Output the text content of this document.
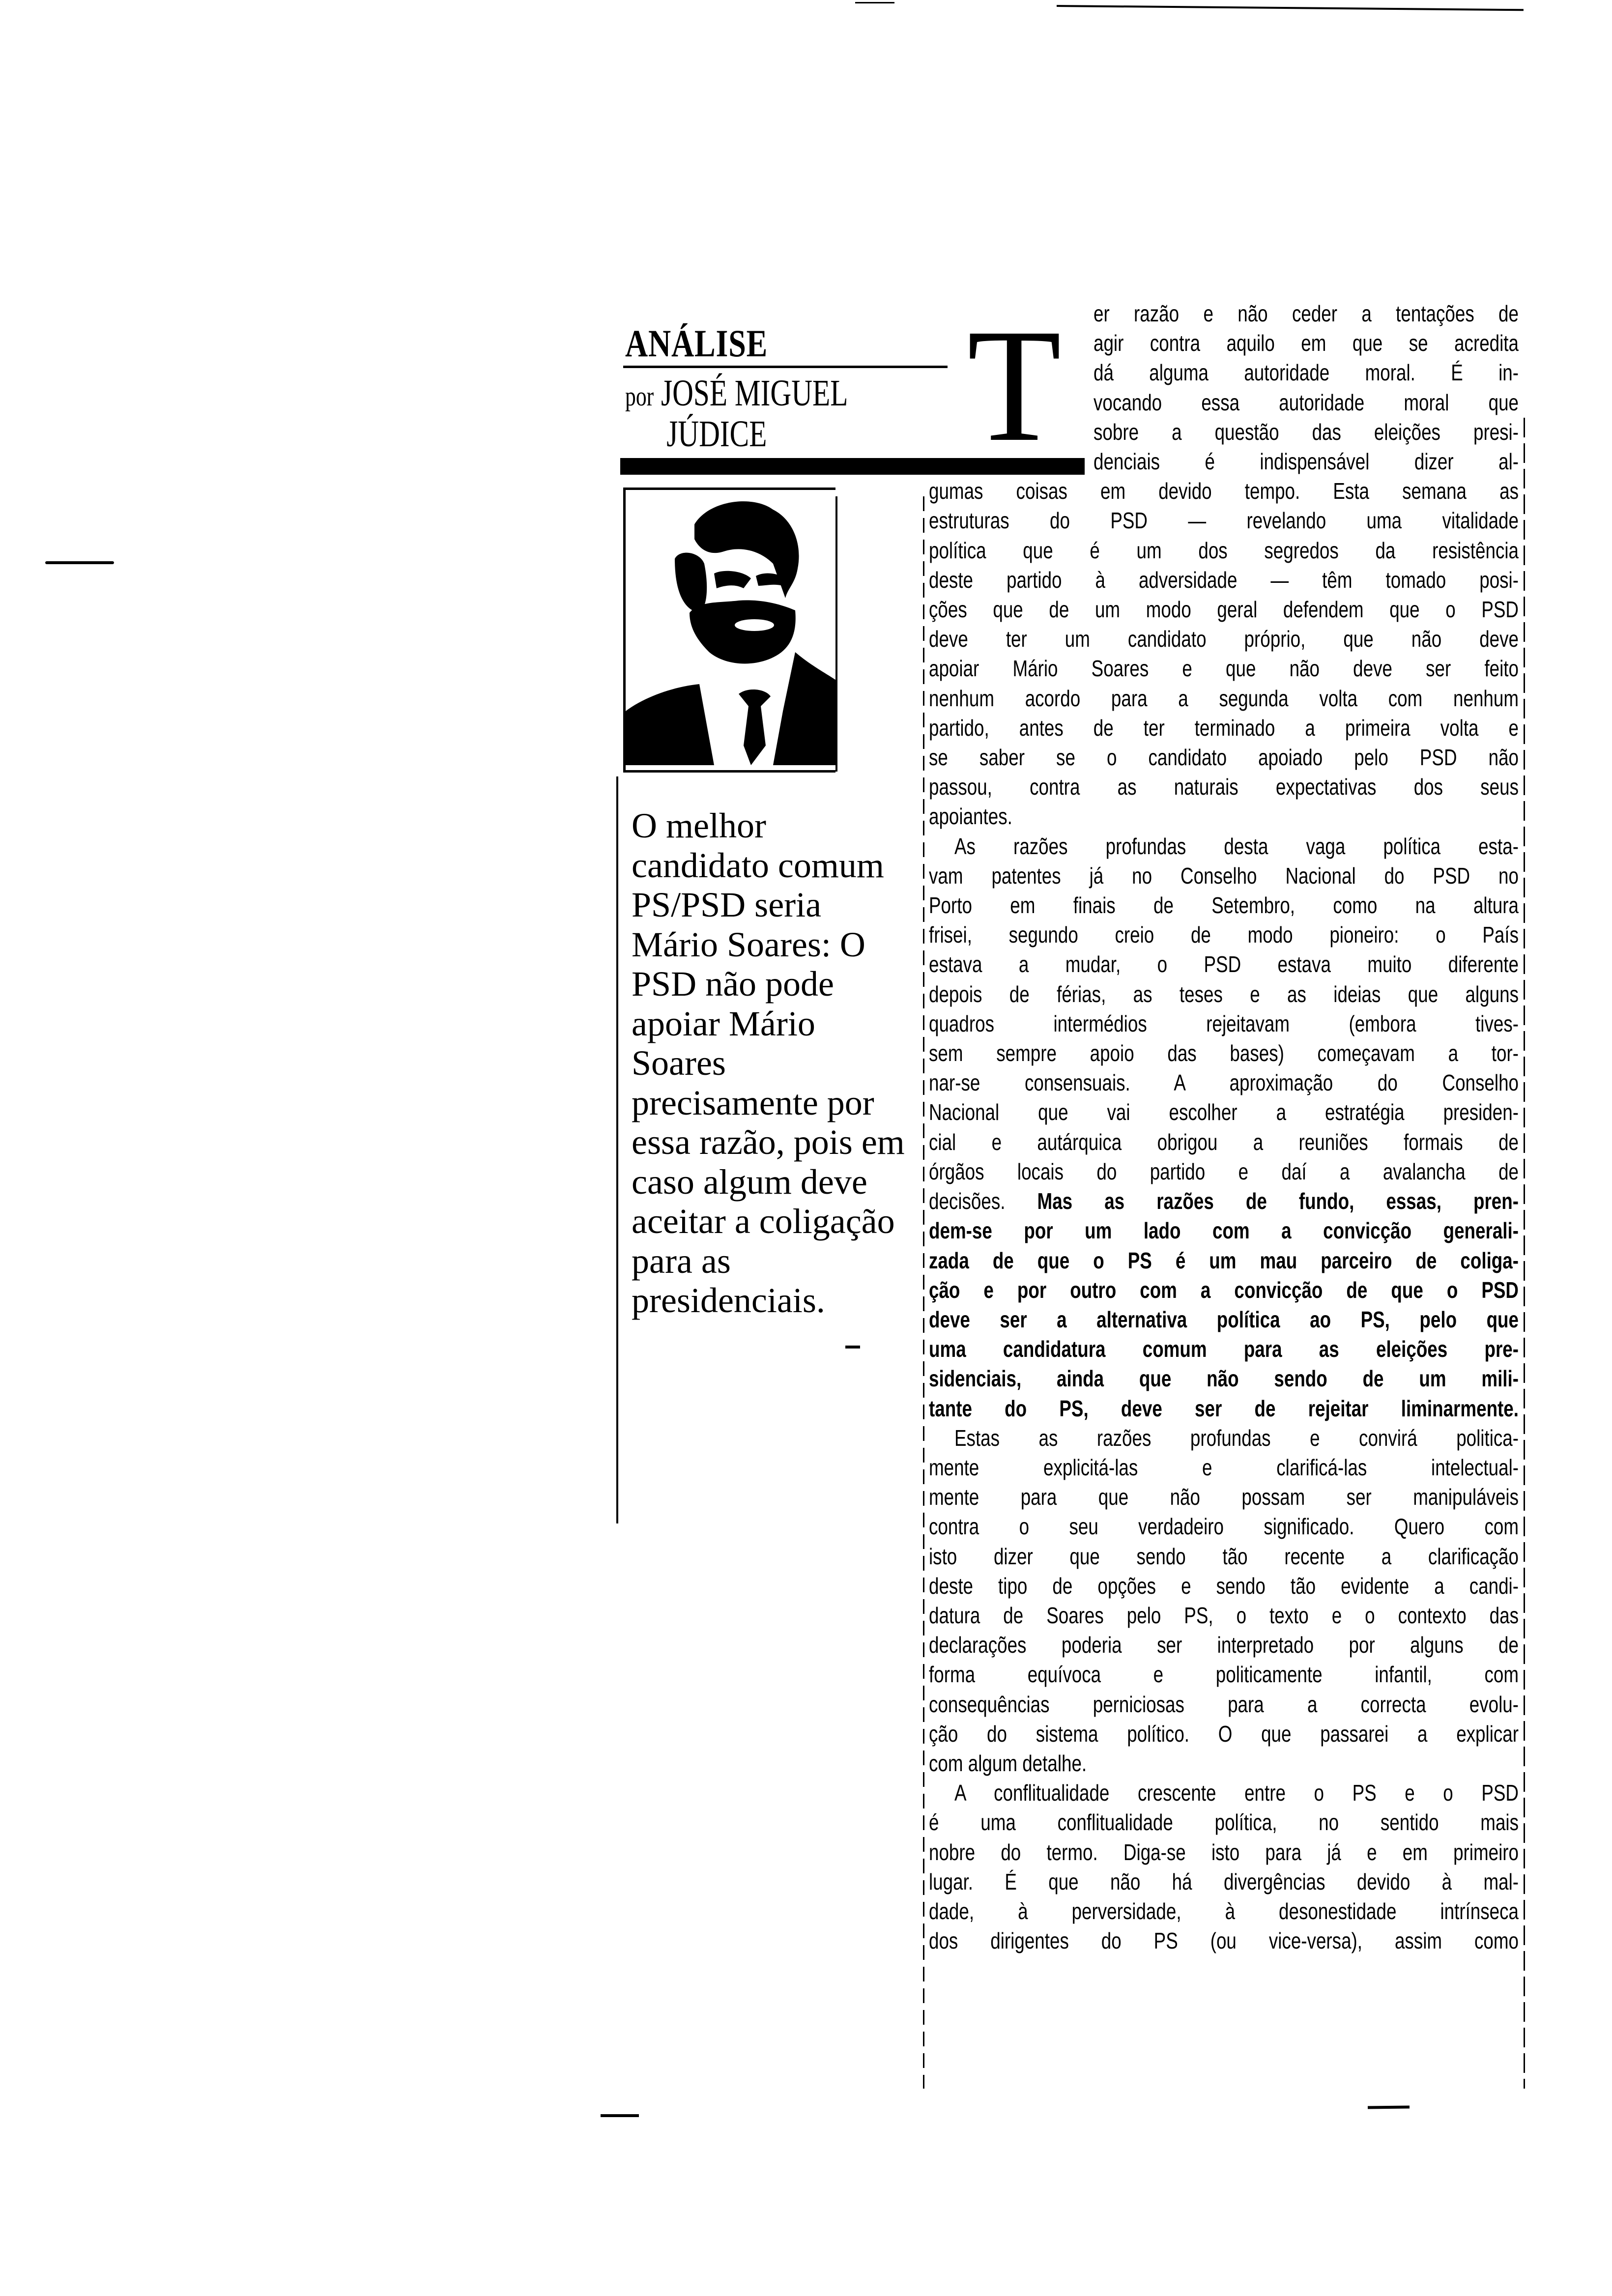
ANÁLISE
por JOSÉ MIGUEL
JÚDICE
O melhor
candidato comum
PS/PSD seria
Mário Soares: O
PSD não pode
apoiar Mário
Soares
precisamente por
essa razão, pois em
caso algum deve
aceitar a coligação
para as
presidenciais.
T er razão e não ceder a tentações de
agir contra aquilo em que se acredita
dá alguma autoridade moral. É in-
vocando essa autoridade moral que
sobre a questão das eleições presi-
denciais é indispensável dizer al-
gumas coisas em devido tempo. Esta semana as
estruturas do PSD — revelando uma vitalidade
política que é um dos segredos da resistência
deste partido à adversidade — têm tomado posi-
ções que de um modo geral defendem que o PSD
deve ter um candidato próprio, que não deve
apoiar Mário Soares e que não deve ser feito
nenhum acordo para a segunda volta com nenhum
partido, antes de ter terminado a primeira volta e
se saber se o candidato apoiado pelo PSD não
passou, contra as naturais expectativas dos seus
apoiantes.
As razões profundas desta vaga política esta-
vam patentes já no Conselho Nacional do PSD no
Porto em finais de Setembro, como na altura
frisei, segundo creio de modo pioneiro: o País
estava a mudar, o PSD estava muito diferente
depois de férias, as teses e as ideias que alguns
quadros intermédios rejeitavam (embora tives-
sem sempre apoio das bases) começavam a tor-
nar-se consensuais. A aproximação do Conselho
Nacional que vai escolher a estratégia presiden-
cial e autárquica obrigou a reuniões formais de
órgãos locais do partido e daí a avalancha de
decisões. Mas as razões de fundo, essas, pren-
dem-se por um lado com a convicção generali-
zada de que o PS é um mau parceiro de coliga-
ção e por outro com a convicção de que o PSD
deve ser a alternativa política ao PS, pelo que
uma candidatura comum para as eleições pre-
sidenciais, ainda que não sendo de um mili-
tante do PS, deve ser de rejeitar liminarmente.
Estas as razões profundas e convirá politica-
mente explicitá-las e clarificá-las intelectual-
mente para que não possam ser manipuláveis
contra o seu verdadeiro significado. Quero com
isto dizer que sendo tão recente a clarificação
deste tipo de opções e sendo tão evidente a candi-
datura de Soares pelo PS, o texto e o contexto das
declarações poderia ser interpretado por alguns de
forma equívoca e politicamente infantil, com
consequências perniciosas para a correcta evolu-
ção do sistema político. O que passarei a explicar
com algum detalhe.
A conflitualidade crescente entre o PS e o PSD
é uma conflitualidade política, no sentido mais
nobre do termo. Diga-se isto para já e em primeiro
lugar. É que não há divergências devido à mal-
dade, à perversidade, à desonestidade intrínseca
dos dirigentes do PS (ou vice-versa), assim como
